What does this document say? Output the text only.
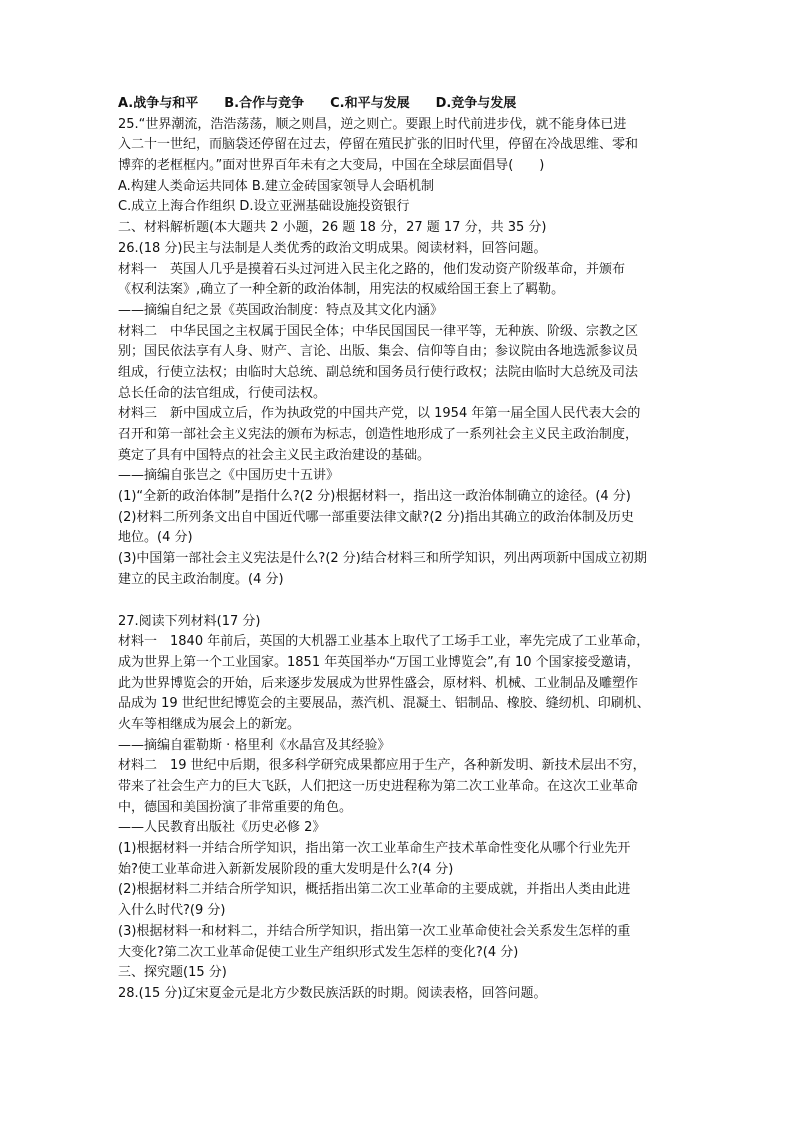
A.战争与和平　　B.合作与竞争　　C.和平与发展　　D.竞争与发展
25.“世界潮流，浩浩荡荡，顺之则昌，逆之则亡。要跟上时代前进步伐，就不能身体已进
入二十一世纪，而脑袋还停留在过去，停留在殖民扩张的旧时代里，停留在冷战思维、零和
博弈的老框框内。”面对世界百年未有之大变局，中国在全球层面倡导(　　)
A.构建人类命运共同体 B.建立金砖国家领导人会晤机制
C.成立上海合作组织 D.设立亚洲基础设施投资银行
二、材料解析题(本大题共 2 小题，26 题 18 分，27 题 17 分，共 35 分)
26.(18 分)民主与法制是人类优秀的政治文明成果。阅读材料，回答问题。
材料一　英国人几乎是摸着石头过河进入民主化之路的，他们发动资产阶级革命，并颁布
《权利法案》,确立了一种全新的政治体制，用宪法的权威给国王套上了羁勒。
——摘编自纪之景《英国政治制度：特点及其文化内涵》
材料二　中华民国之主权属于国民全体；中华民国国民一律平等，无种族、阶级、宗教之区
别；国民依法享有人身、财产、言论、出版、集会、信仰等自由；参议院由各地选派参议员
组成，行使立法权；由临时大总统、副总统和国务员行使行政权；法院由临时大总统及司法
总长任命的法官组成，行使司法权。
材料三　新中国成立后，作为执政党的中国共产党，以 1954 年第一届全国人民代表大会的
召开和第一部社会主义宪法的颁布为标志，创造性地形成了一系列社会主义民主政治制度，
奠定了具有中国特点的社会主义民主政治建设的基础。
——摘编自张岂之《中国历史十五讲》
(1)“全新的政治体制”是指什么?(2 分)根据材料一，指出这一政治体制确立的途径。(4 分)
(2)材料二所列条文出自中国近代哪一部重要法律文献?(2 分)指出其确立的政治体制及历史
地位。(4 分)
(3)中国第一部社会主义宪法是什么?(2 分)结合材料三和所学知识，列出两项新中国成立初期
建立的民主政治制度。(4 分)
27.阅读下列材料(17 分)
材料一　1840 年前后，英国的大机器工业基本上取代了工场手工业，率先完成了工业革命，
成为世界上第一个工业国家。1851 年英国举办“万国工业博览会”,有 10 个国家接受邀请，
此为世界博览会的开始，后来逐步发展成为世界性盛会，原材料、机械、工业制品及雕塑作
品成为 19 世纪世纪博览会的主要展品，蒸汽机、混凝土、铝制品、橡胶、缝纫机、印刷机、
火车等相继成为展会上的新宠。
——摘编自霍勒斯 · 格里利《水晶宫及其经验》
材料二　19 世纪中后期，很多科学研究成果都应用于生产，各种新发明、新技术层出不穷，
带来了社会生产力的巨大飞跃，人们把这一历史进程称为第二次工业革命。在这次工业革命
中，德国和美国扮演了非常重要的角色。
——人民教育出版社《历史必修 2》
(1)根据材料一并结合所学知识，指出第一次工业革命生产技术革命性变化从哪个行业先开
始?使工业革命进入新新发展阶段的重大发明是什么?(4 分)
(2)根据材料二并结合所学知识，概括指出第二次工业革命的主要成就，并指出人类由此进
入什么时代?(9 分)
(3)根据材料一和材料二，并结合所学知识，指出第一次工业革命使社会关系发生怎样的重
大变化?第二次工业革命促使工业生产组织形式发生怎样的变化?(4 分)
三、探究题(15 分)
28.(15 分)辽宋夏金元是北方少数民族活跃的时期。阅读表格，回答问题。
